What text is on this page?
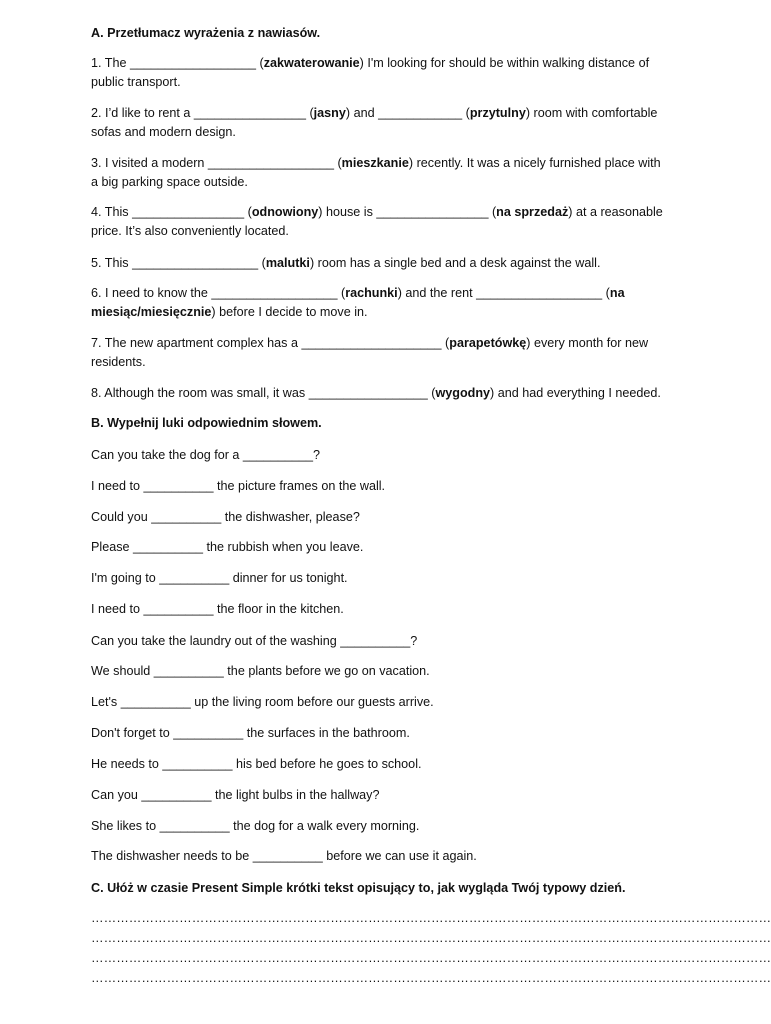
A. Przetłumacz wyrażenia z nawiasów.
1. The __________________ (zakwaterowanie) I'm looking for should be within walking distance of
public transport.
2. I’d like to rent a ________________ (jasny) and ____________ (przytulny) room with comfortable
sofas and modern design.
3. I visited a modern __________________ (mieszkanie) recently. It was a nicely furnished place with
a big parking space outside.
4. This ________________ (odnowiony) house is ________________ (na sprzedaż) at a reasonable
price. It’s also conveniently located.
5. This __________________ (malutki) room has a single bed and a desk against the wall.
6. I need to know the __________________ (rachunki) and the rent __________________ (na
miesiąc/miesięcznie) before I decide to move in.
7. The new apartment complex has a ____________________ (parapetówkę) every month for new
residents.
8. Although the room was small, it was _________________ (wygodny) and had everything I needed.
B. Wypełnij luki odpowiednim słowem.
Can you take the dog for a __________?
I need to __________ the picture frames on the wall.
Could you __________ the dishwasher, please?
Please __________ the rubbish when you leave.
I'm going to __________ dinner for us tonight.
I need to __________ the floor in the kitchen.
Can you take the laundry out of the washing __________?
We should __________ the plants before we go on vacation.
Let's __________ up the living room before our guests arrive.
Don't forget to __________ the surfaces in the bathroom.
He needs to __________ his bed before he goes to school.
Can you __________ the light bulbs in the hallway?
She likes to __________ the dog for a walk every morning.
The dishwasher needs to be __________ before we can use it again.
C. Ułóż w czasie Present Simple krótki tekst opisujący to, jak wygląda Twój typowy dzień.
………………………………………………………………………………………………………………………………………………
………………………………………………………………………………………………………………………………………………
………………………………………………………………………………………………………………………………………………
………………………………………………………………………………………………………………………………………………
